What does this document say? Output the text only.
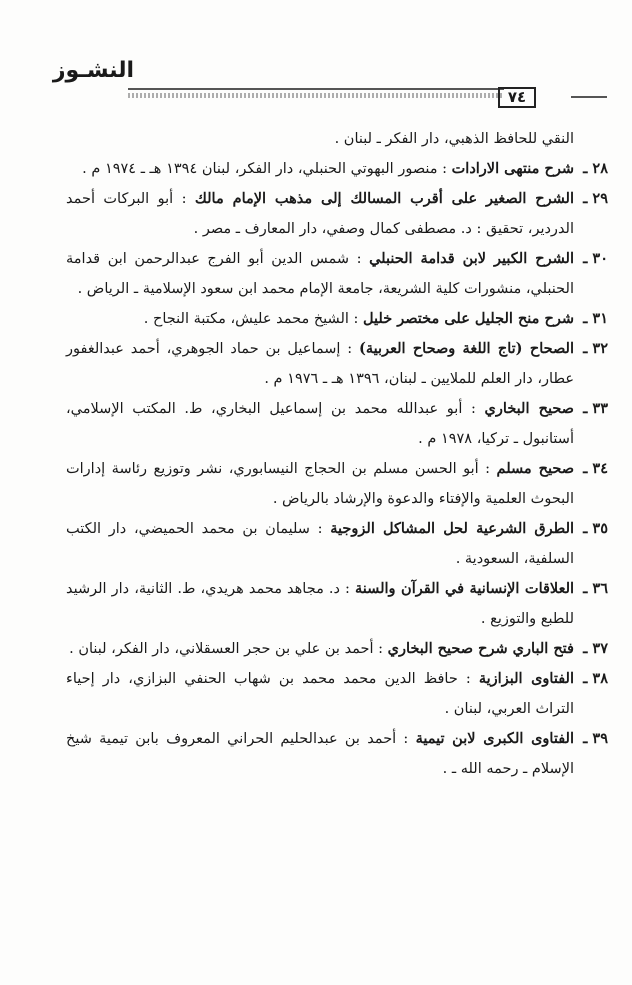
النشـوز
٧٤

النقي للحافظ الذهبي، دار الفكر ـ لبنان .

٢٨ ـ
شرح منتهى الارادات : منصور البهوتي الحنبلي، دار الفكر، لبنان ١٣٩٤ هـ ـ ١٩٧٤ م .

٢٩ ـ
الشرح الصغير على أقرب المسالك إلى مذهب الإمام مالك : أبو البركات أحمد الدردير، تحقيق : د. مصطفى كمال وصفي، دار المعارف ـ مصر .

٣٠ ـ
الشرح الكبير لابن قدامة الحنبلي : شمس الدين أبو الفرج عبدالرحمن ابن قدامة الحنبلي، منشورات كلية الشريعة، جامعة الإمام محمد ابن سعود الإسلامية ـ الرياض .

٣١ ـ
شرح منح الجليل على مختصر خليل : الشيخ محمد عليش، مكتبة النجاح .

٣٢ ـ
الصحاح (تاج اللغة وصحاح العربية) : إسماعيل بن حماد الجوهري، أحمد عبدالغفور عطار، دار العلم للملايين ـ لبنان، ١٣٩٦ هـ ـ ١٩٧٦ م .

٣٣ ـ
صحيح البخاري : أبو عبدالله محمد بن إسماعيل البخاري، ط. المكتب الإسلامي، أستانبول ـ تركيا، ١٩٧٨ م .

٣٤ ـ
صحيح مسلم : أبو الحسن مسلم بن الحجاج النيسابوري، نشر وتوزيع رئاسة إدارات البحوث العلمية والإفتاء والدعوة والإرشاد بالرياض .

٣٥ ـ
الطرق الشرعية لحل المشاكل الزوجية : سليمان بن محمد الحميضي، دار الكتب السلفية، السعودية .

٣٦ ـ
العلاقات الإنسانية في القرآن والسنة : د. مجاهد محمد هريدي، ط. الثانية، دار الرشيد للطبع والتوزيع .

٣٧ ـ
فتح الباري شرح صحيح البخاري : أحمد بن علي بن حجر العسقلاني، دار الفكر، لبنان .

٣٨ ـ
الفتاوى البزازية : حافظ الدين محمد محمد بن شهاب الحنفي البزازي، دار إحياء التراث العربي، لبنان .

٣٩ ـ
الفتاوى الكبرى لابن تيمية : أحمد بن عبدالحليم الحراني المعروف بابن تيمية شيخ الإسلام ـ رحمه الله ـ .
